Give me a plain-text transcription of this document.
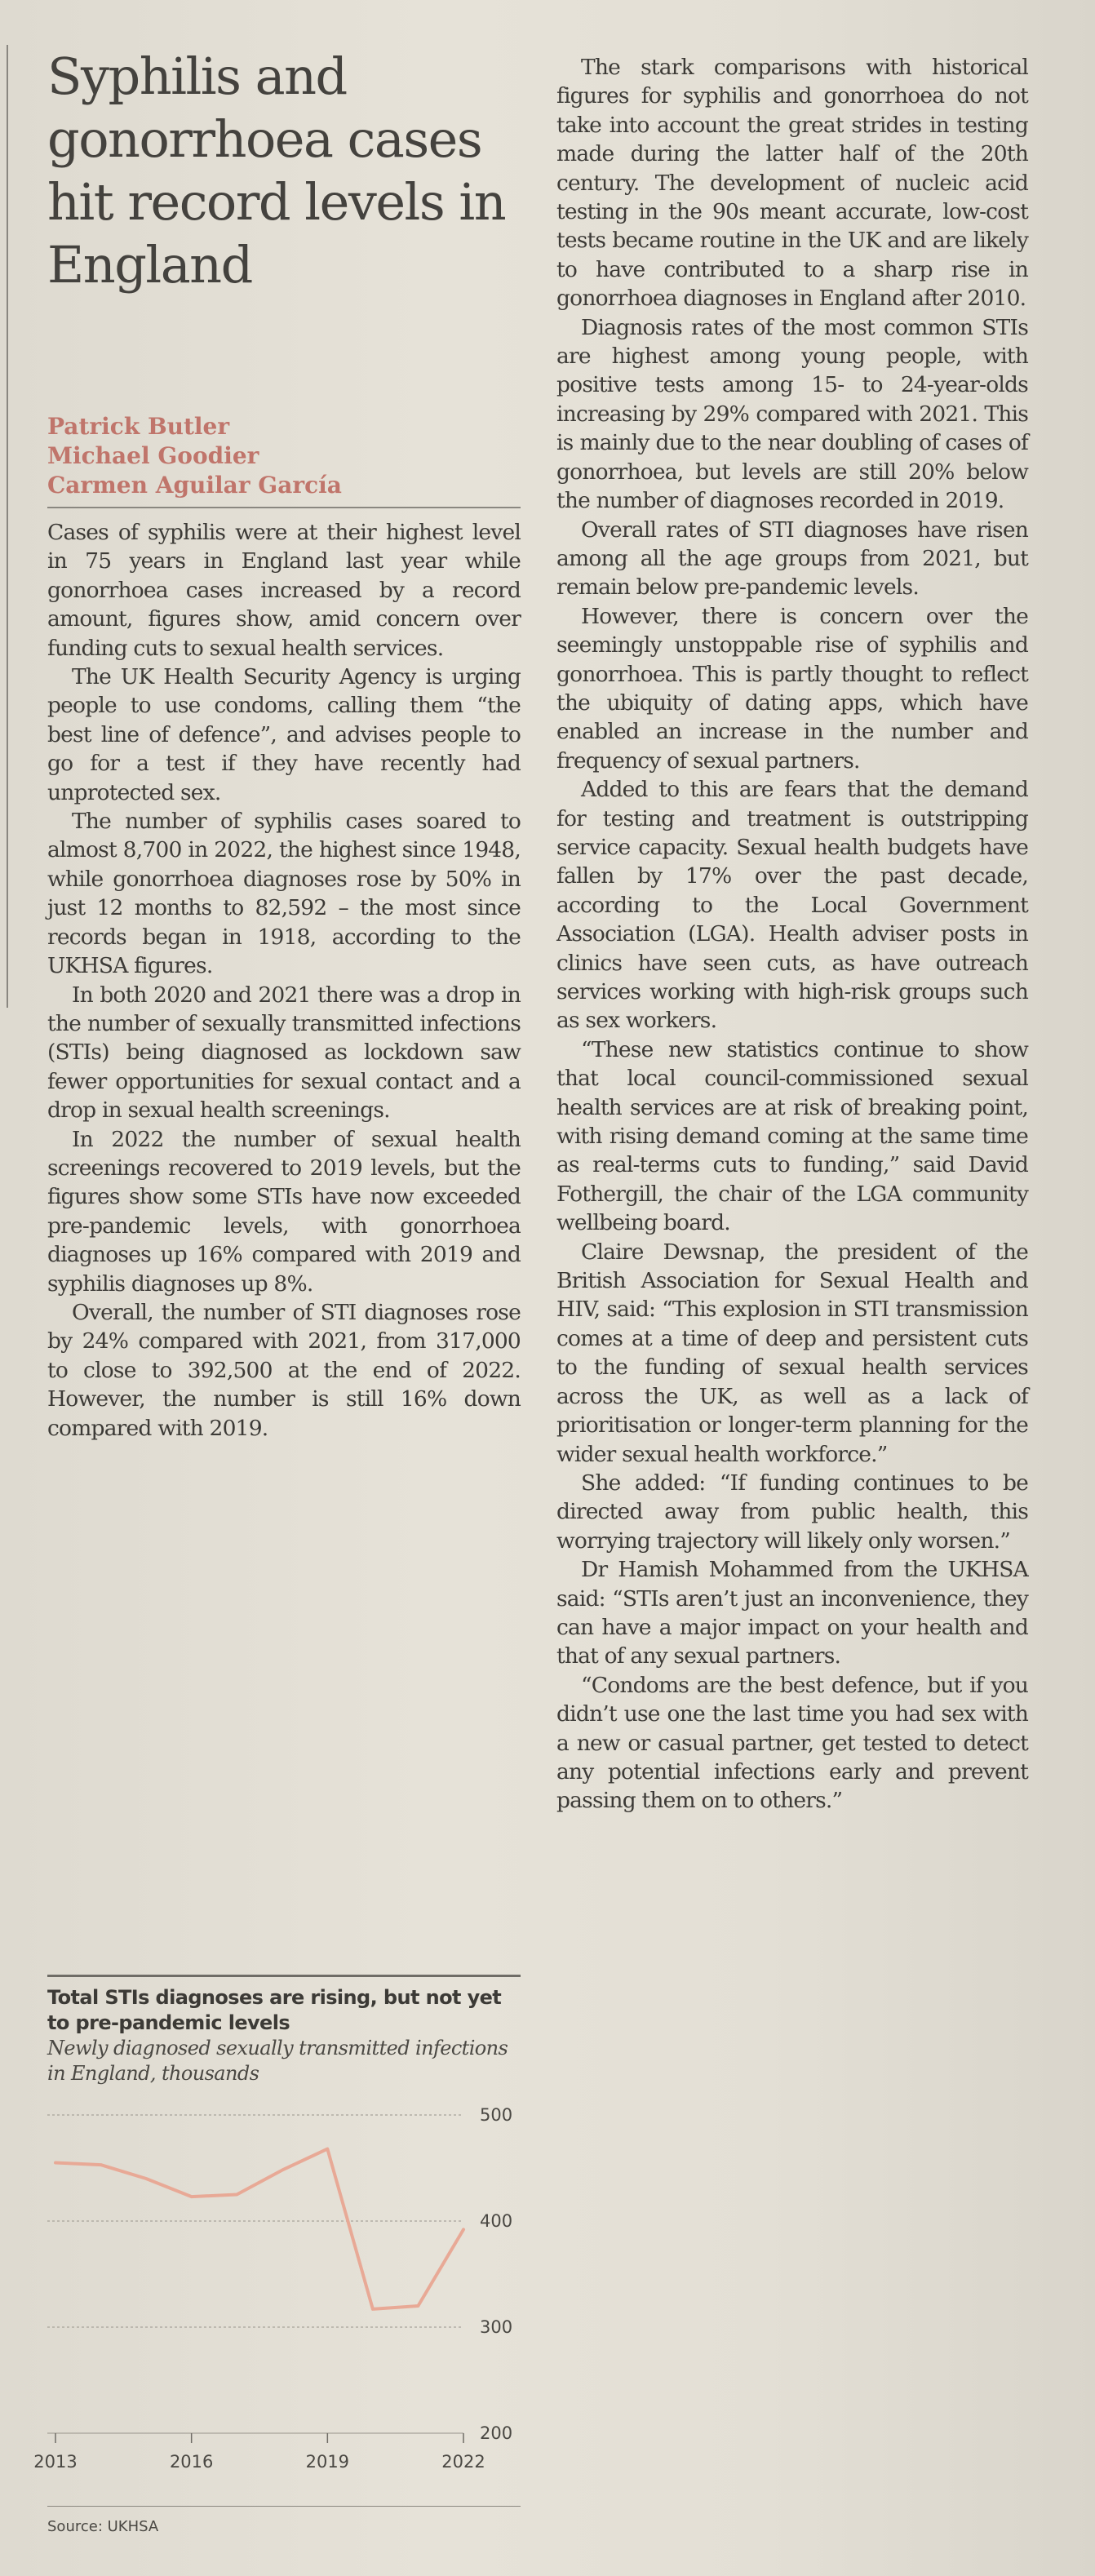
Syphilis and gonorrhoea cases hit record levels in England
Patrick Butler
Michael Goodier
Carmen Aguilar García

Cases of syphilis were at their highest level in 75 years in England last year while gonorrhoea cases increased by a record amount, figures show, amid concern over funding cuts to sexual health services.

The UK Health Security Agency is urging people to use condoms, calling them “the best line of defence”, and advises people to go for a test if they have recently had unprotected sex.

The number of syphilis cases soared to almost 8,700 in 2022, the highest since 1948, while gonorrhoea diagnoses rose by 50% in just 12 months to 82,592 – the most since records began in 1918, according to the UKHSA figures.

In both 2020 and 2021 there was a drop in the number of sexually transmitted infections (STIs) being diagnosed as lockdown saw fewer opportunities for sexual contact and a drop in sexual health screenings.

In 2022 the number of sexual health screenings recovered to 2019 levels, but the figures show some STIs have now exceeded pre-pandemic levels, with gonorrhoea diagnoses up 16% compared with 2019 and syphilis diagnoses up 8%.

Overall, the number of STI diagnoses rose by 24% compared with 2021, from 317,000 to close to 392,500 at the end of 2022. However, the number is still 16% down compared with 2019.

Total STIs diagnoses are rising, but not yet to pre-pandemic levels
Newly diagnosed sexually transmitted infections in England, thousands
200
300
400
500
2013	2016	2019	2022
Source: UKHSA

The stark comparisons with historical figures for syphilis and gonorrhoea do not take into account the great strides in testing made during the latter half of the 20th century. The development of nucleic acid testing in the 90s meant accurate, low-cost tests became routine in the UK and are likely to have contributed to a sharp rise in gonorrhoea diagnoses in England after 2010.

Diagnosis rates of the most common STIs are highest among young people, with positive tests among 15- to 24-year-olds increasing by 29% compared with 2021. This is mainly due to the near doubling of cases of gonorrhoea, but levels are still 20% below the number of diagnoses recorded in 2019.

Overall rates of STI diagnoses have risen among all the age groups from 2021, but remain below pre-pandemic levels.

However, there is concern over the seemingly unstoppable rise of syphilis and gonorrhoea. This is partly thought to reflect the ubiquity of dating apps, which have enabled an increase in the number and frequency of sexual partners.

Added to this are fears that the demand for testing and treatment is outstripping service capacity. Sexual health budgets have fallen by 17% over the past decade, according to the Local Government Association (LGA). Health adviser posts in clinics have seen cuts, as have outreach services working with high-risk groups such as sex workers.

“These new statistics continue to show that local council-commissioned sexual health services are at risk of breaking point, with rising demand coming at the same time as real-terms cuts to funding,” said David Fothergill, the chair of the LGA community wellbeing board.

Claire Dewsnap, the president of the British Association for Sexual Health and HIV, said: “This explosion in STI transmission comes at a time of deep and persistent cuts to the funding of sexual health services across the UK, as well as a lack of prioritisation or longer-term planning for the wider sexual health workforce.”

She added: “If funding continues to be directed away from public health, this worrying trajectory will likely only worsen.”

Dr Hamish Mohammed from the UKHSA said: “STIs aren’t just an inconvenience, they can have a major impact on your health and that of any sexual partners.

“Condoms are the best defence, but if you didn’t use one the last time you had sex with a new or casual partner, get tested to detect any potential infections early and prevent passing them on to others.”
